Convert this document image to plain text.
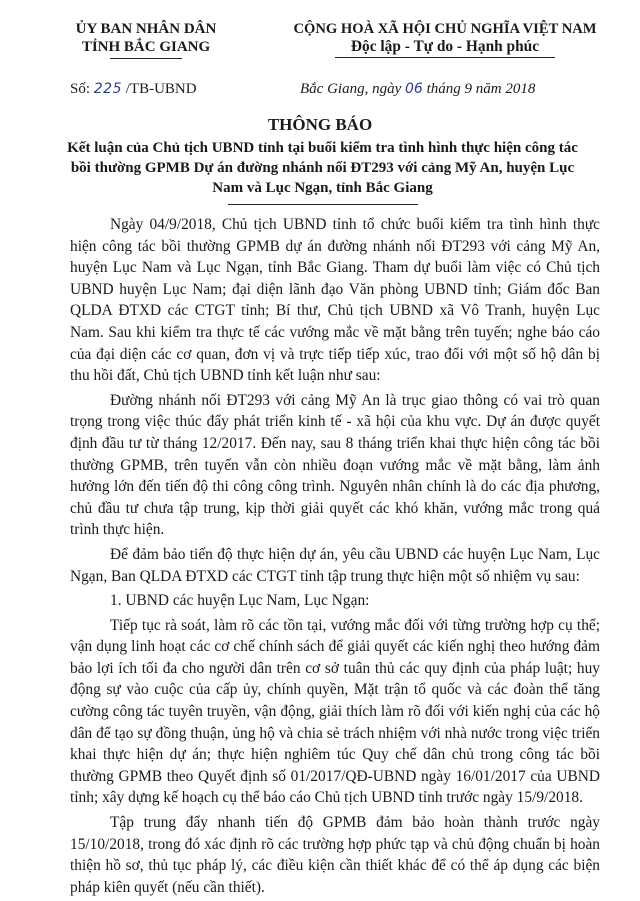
ỦY BAN NHÂN DÂN
TỈNH BẮC GIANG
CỘNG HOÀ XÃ HỘI CHỦ NGHĨA VIỆT NAM
Độc lập - Tự do - Hạnh phúc
Số: 225 /TB-UBND	Bắc Giang, ngày 06 tháng 9 năm 2018
THÔNG BÁO
Kết luận của Chủ tịch UBND tỉnh tại buổi kiểm tra tình hình thực hiện công tác bồi thường GPMB Dự án đường nhánh nối ĐT293 với cảng Mỹ An, huyện Lục Nam và Lục Ngạn, tỉnh Bắc Giang

Ngày 04/9/2018, Chủ tịch UBND tỉnh tổ chức buổi kiểm tra tình hình thực hiện công tác bồi thường GPMB dự án đường nhánh nối ĐT293 với cảng Mỹ An, huyện Lục Nam và Lục Ngạn, tỉnh Bắc Giang. Tham dự buổi làm việc có Chủ tịch UBND huyện Lục Nam; đại diện lãnh đạo Văn phòng UBND tỉnh; Giám đốc Ban QLDA ĐTXD các CTGT tỉnh; Bí thư, Chủ tịch UBND xã Vô Tranh, huyện Lục Nam. Sau khi kiểm tra thực tế các vướng mắc về mặt bằng trên tuyến; nghe báo cáo của đại diện các cơ quan, đơn vị và trực tiếp tiếp xúc, trao đổi với một số hộ dân bị thu hồi đất, Chủ tịch UBND tỉnh kết luận như sau:

Đường nhánh nối ĐT293 với cảng Mỹ An là trục giao thông có vai trò quan trọng trong việc thúc đẩy phát triển kinh tế - xã hội của khu vực. Dự án được quyết định đầu tư từ tháng 12/2017. Đến nay, sau 8 tháng triển khai thực hiện công tác bồi thường GPMB, trên tuyến vẫn còn nhiều đoạn vướng mắc về mặt bằng, làm ảnh hưởng lớn đến tiến độ thi công công trình. Nguyên nhân chính là do các địa phương, chủ đầu tư chưa tập trung, kịp thời giải quyết các khó khăn, vướng mắc trong quá trình thực hiện.

Để đảm bảo tiến độ thực hiện dự án, yêu cầu UBND các huyện Lục Nam, Lục Ngạn, Ban QLDA ĐTXD các CTGT tỉnh tập trung thực hiện một số nhiệm vụ sau:

1. UBND các huyện Lục Nam, Lục Ngạn:

Tiếp tục rà soát, làm rõ các tồn tại, vướng mắc đối với từng trường hợp cụ thể; vận dụng linh hoạt các cơ chế chính sách để giải quyết các kiến nghị theo hướng đảm bảo lợi ích tối đa cho người dân trên cơ sở tuân thủ các quy định của pháp luật; huy động sự vào cuộc của cấp ủy, chính quyền, Mặt trận tổ quốc và các đoàn thể tăng cường công tác tuyên truyền, vận động, giải thích làm rõ đối với kiến nghị của các hộ dân để tạo sự đồng thuận, ủng hộ và chia sẻ trách nhiệm với nhà nước trong việc triển khai thực hiện dự án; thực hiện nghiêm túc Quy chế dân chủ trong công tác bồi thường GPMB theo Quyết định số 01/2017/QĐ-UBND ngày 16/01/2017 của UBND tỉnh; xây dựng kế hoạch cụ thể báo cáo Chủ tịch UBND tỉnh trước ngày 15/9/2018.

Tập trung đẩy nhanh tiến độ GPMB đảm bảo hoàn thành trước ngày 15/10/2018, trong đó xác định rõ các trường hợp phức tạp và chủ động chuẩn bị hoàn thiện hồ sơ, thủ tục pháp lý, các điều kiện cần thiết khác để có thể áp dụng các biện pháp kiên quyết (nếu cần thiết).
